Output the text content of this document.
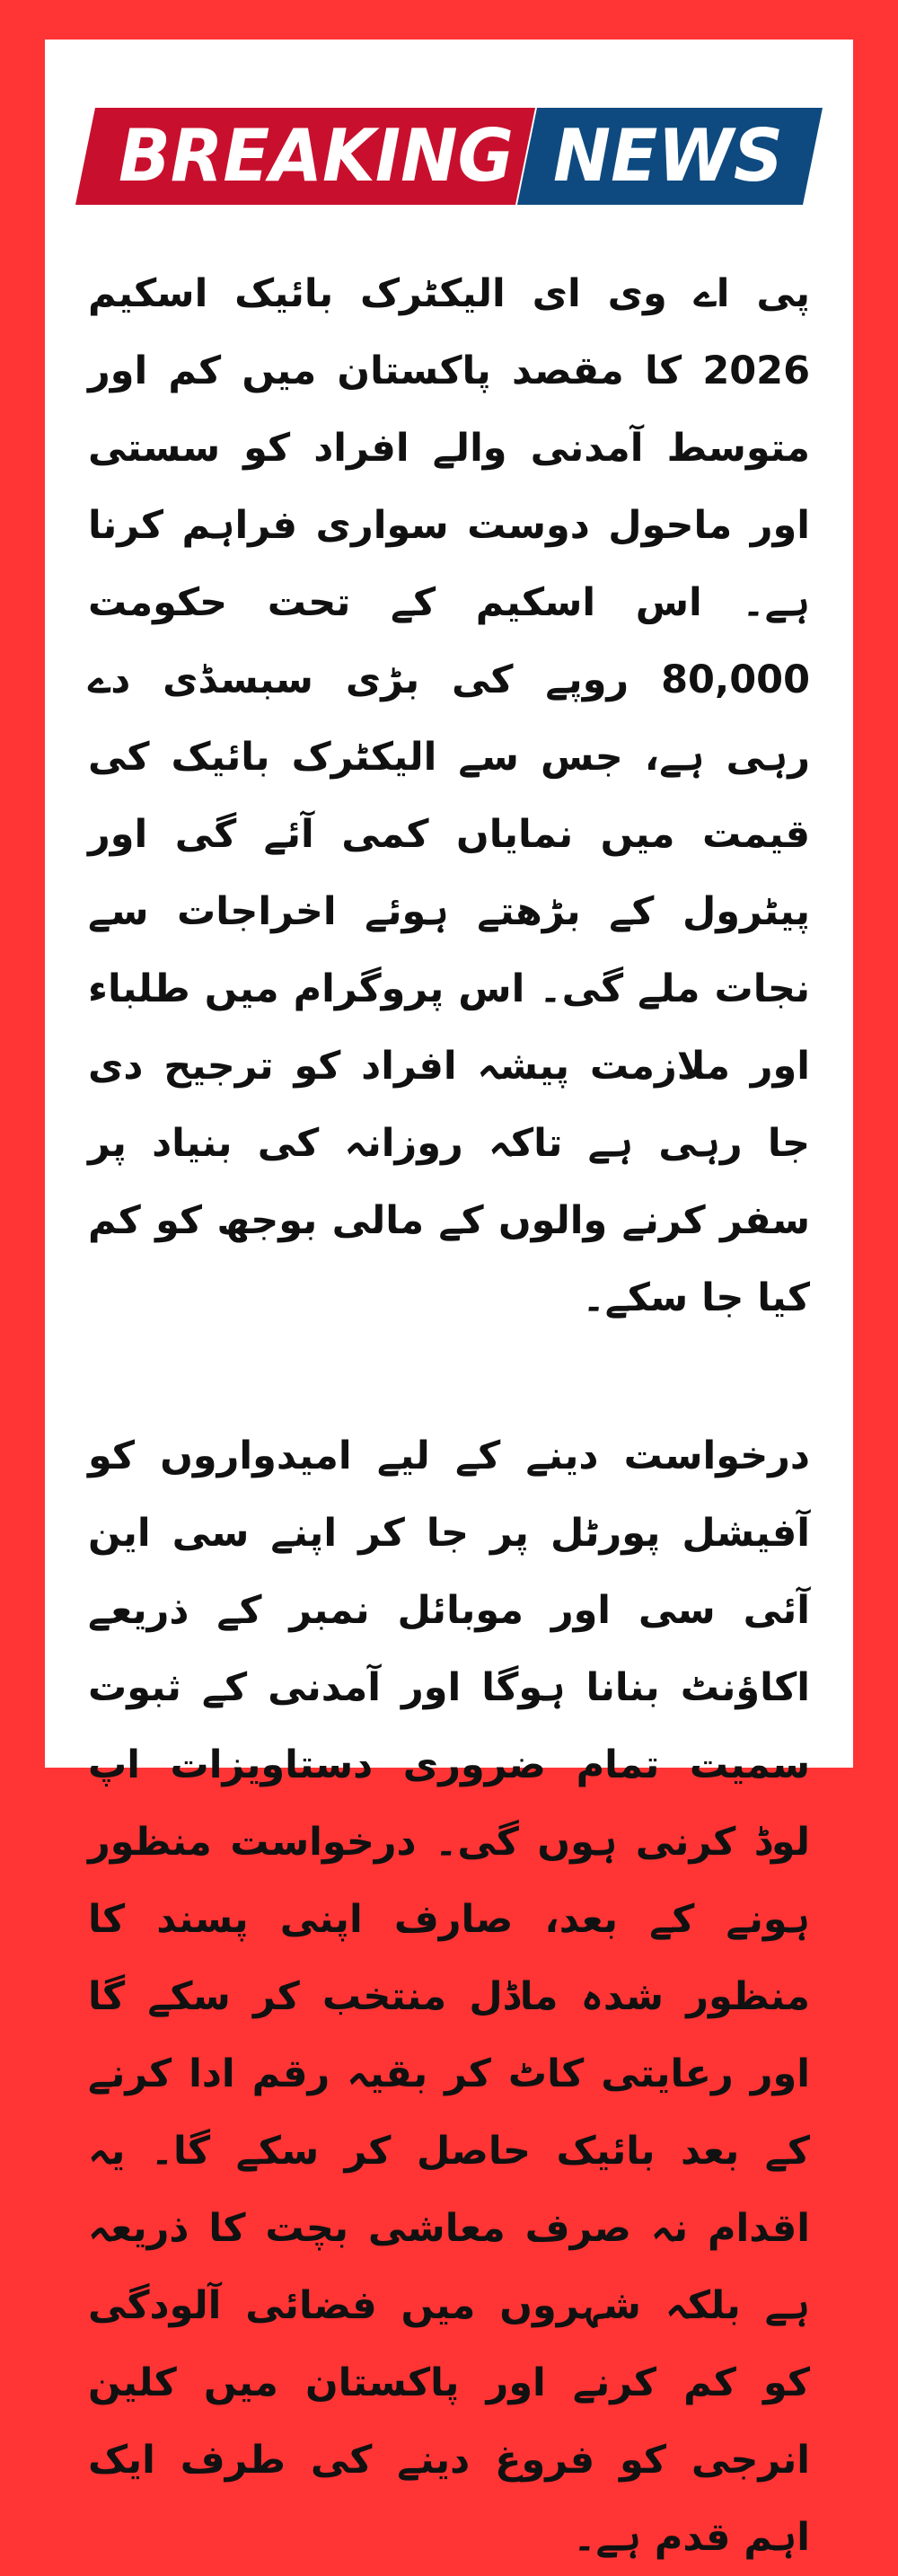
BREAKING NEWS

پی اے وی ای الیکٹرک بائیک اسکیم 2026 کا مقصد پاکستان میں کم اور متوسط آمدنی والے افراد کو سستی اور ماحول دوست سواری فراہم کرنا ہے۔ اس اسکیم کے تحت حکومت 80,000 روپے کی بڑی سبسڈی دے رہی ہے، جس سے الیکٹرک بائیک کی قیمت میں نمایاں کمی آئے گی اور پیٹرول کے بڑھتے ہوئے اخراجات سے نجات ملے گی۔ اس پروگرام میں طلباء اور ملازمت پیشہ افراد کو ترجیح دی جا رہی ہے تاکہ روزانہ کی بنیاد پر سفر کرنے والوں کے مالی بوجھ کو کم کیا جا سکے۔

درخواست دینے کے لیے امیدواروں کو آفیشل پورٹل پر جا کر اپنے سی این آئی سی اور موبائل نمبر کے ذریعے اکاؤنٹ بنانا ہوگا اور آمدنی کے ثبوت سمیت تمام ضروری دستاویزات اپ لوڈ کرنی ہوں گی۔ درخواست منظور ہونے کے بعد، صارف اپنی پسند کا منظور شدہ ماڈل منتخب کر سکے گا اور رعایتی کاٹ کر بقیہ رقم ادا کرنے کے بعد بائیک حاصل کر سکے گا۔ یہ اقدام نہ صرف معاشی بچت کا ذریعہ ہے بلکہ شہروں میں فضائی آلودگی کو کم کرنے اور پاکستان میں کلین انرجی کو فروغ دینے کی طرف ایک اہم قدم ہے۔
